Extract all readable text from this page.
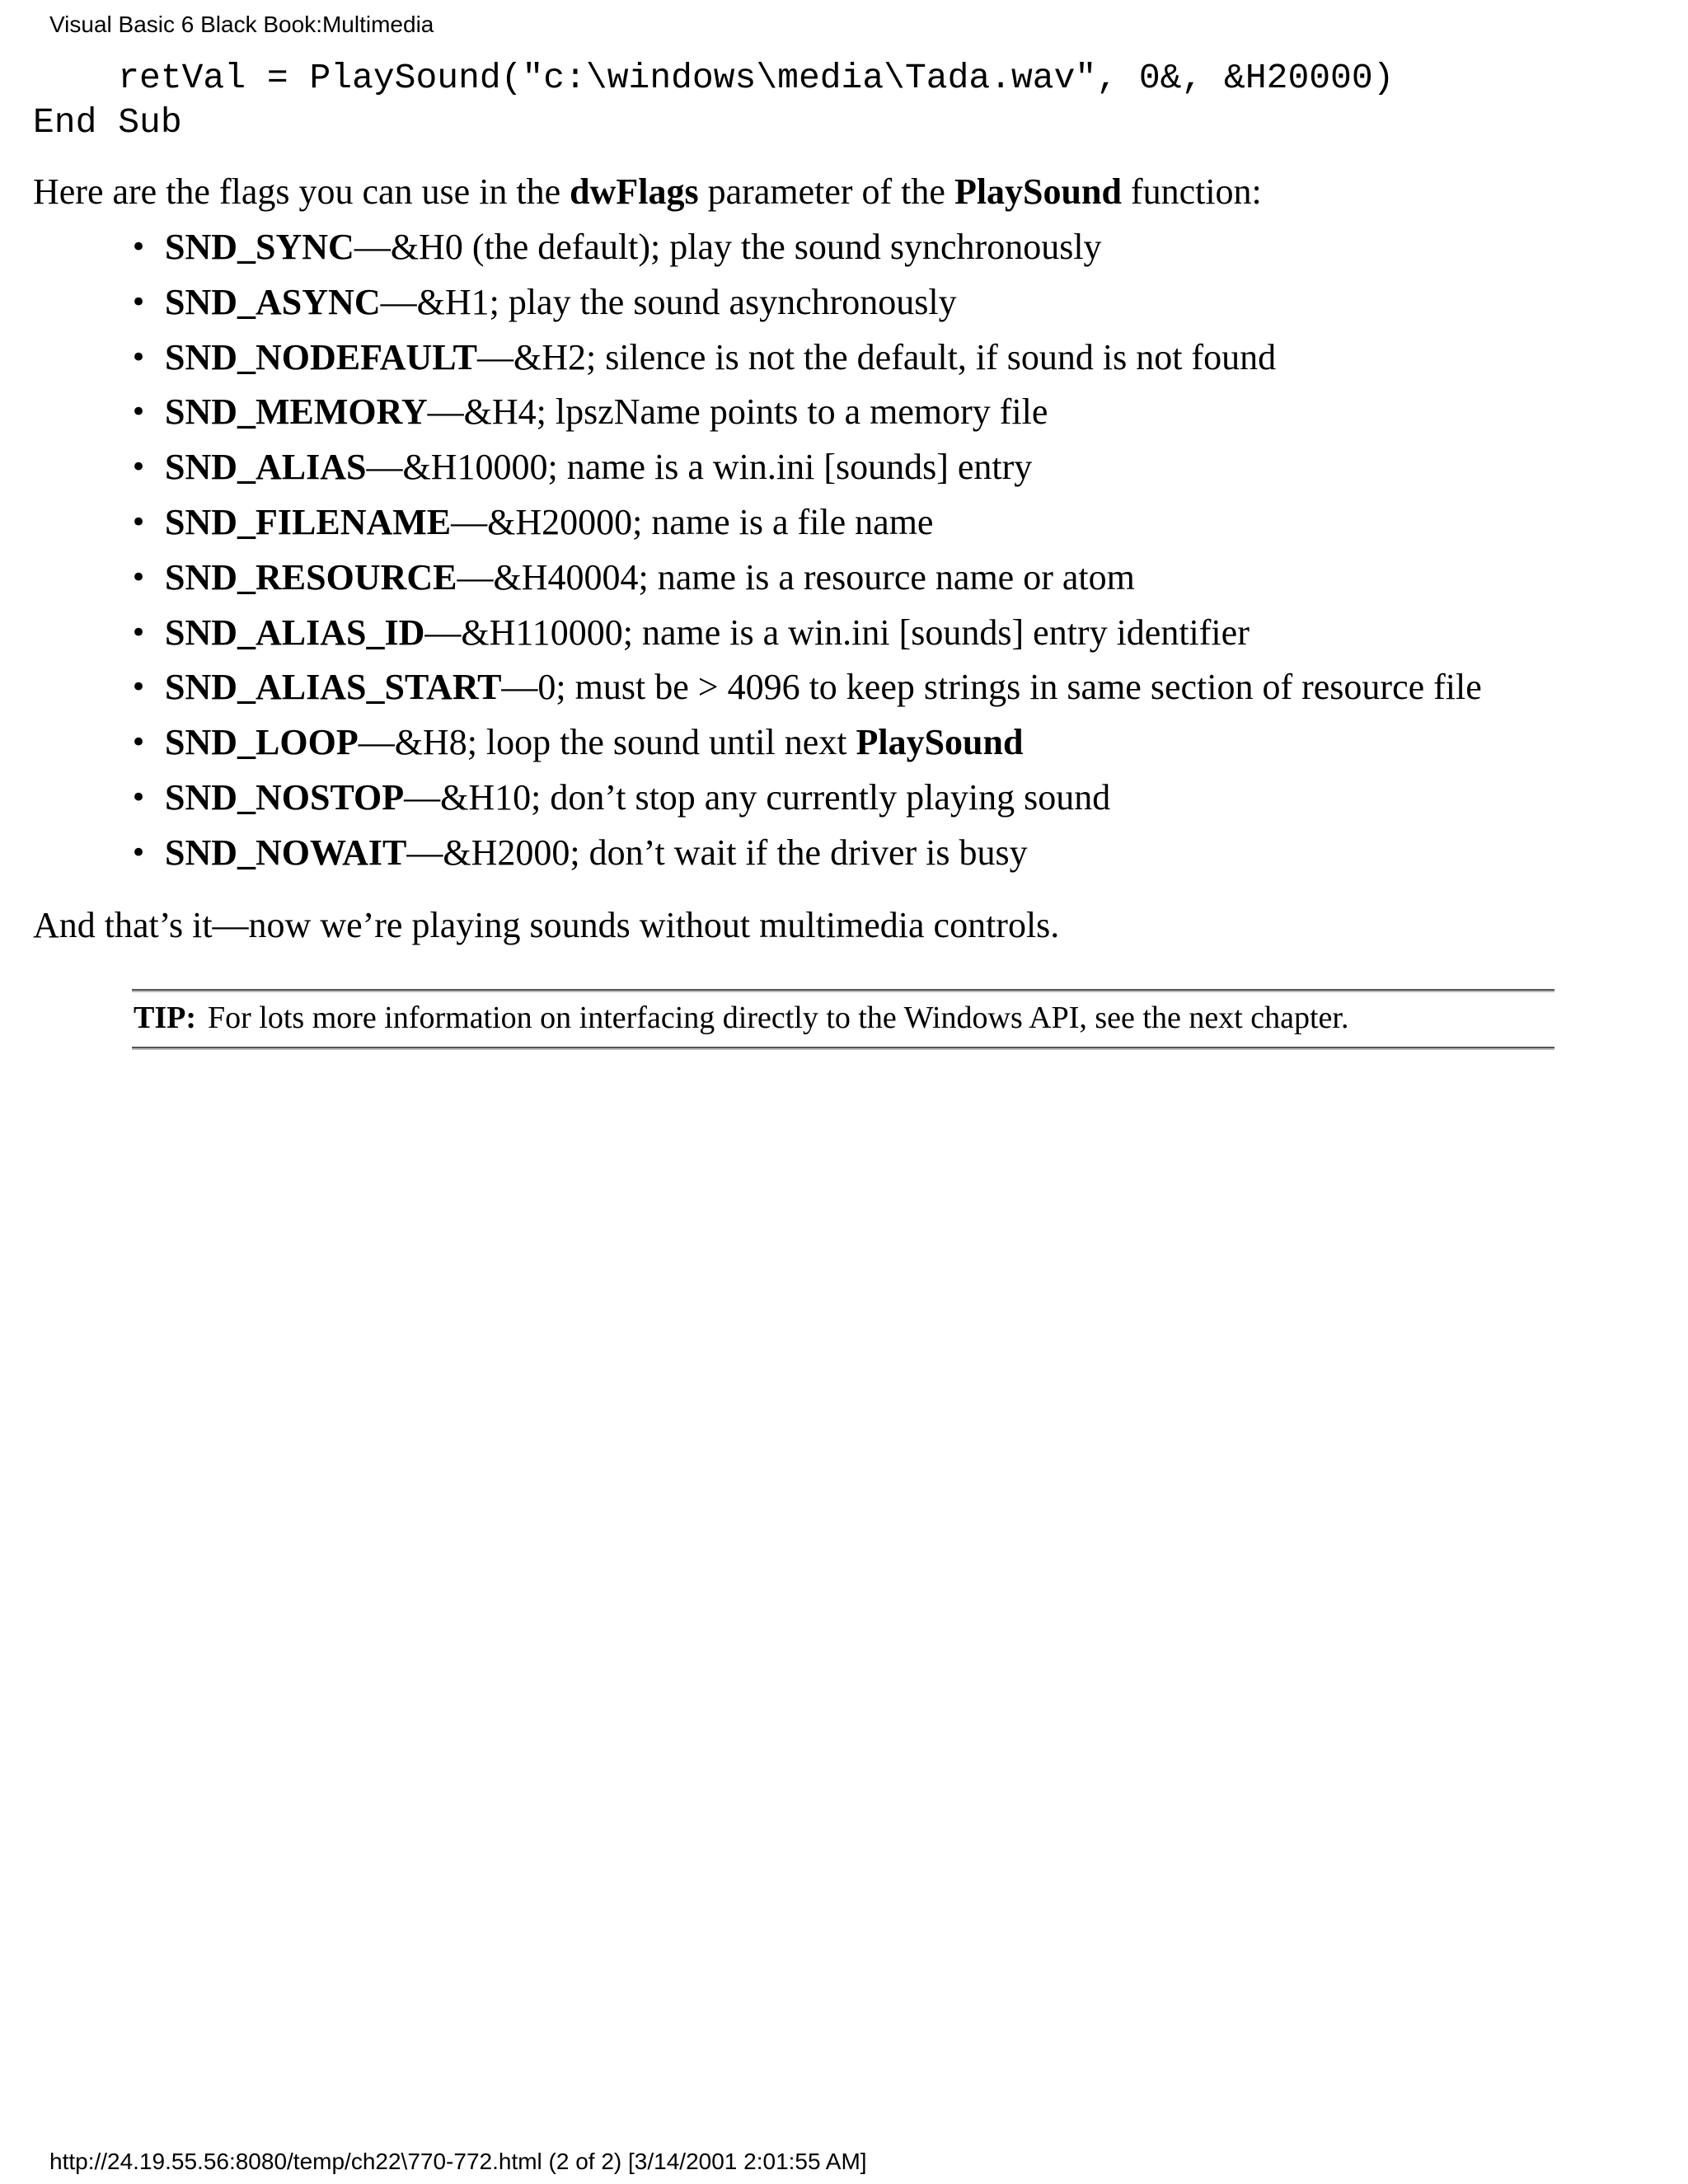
Visual Basic 6 Black Book:Multimedia
retVal = PlaySound("c:\windows\media\Tada.wav", 0&, &H20000)
End Sub
Here are the flags you can use in the dwFlags parameter of the PlaySound function:
• SND_SYNC—&H0 (the default); play the sound synchronously
• SND_ASYNC—&H1; play the sound asynchronously
• SND_NODEFAULT—&H2; silence is not the default, if sound is not found
• SND_MEMORY—&H4; lpszName points to a memory file
• SND_ALIAS—&H10000; name is a win.ini [sounds] entry
• SND_FILENAME—&H20000; name is a file name
• SND_RESOURCE—&H40004; name is a resource name or atom
• SND_ALIAS_ID—&H110000; name is a win.ini [sounds] entry identifier
• SND_ALIAS_START—0; must be > 4096 to keep strings in same section of resource file
• SND_LOOP—&H8; loop the sound until next PlaySound
• SND_NOSTOP—&H10; don’t stop any currently playing sound
• SND_NOWAIT—&H2000; don’t wait if the driver is busy
And that’s it—now we’re playing sounds without multimedia controls.
TIP: For lots more information on interfacing directly to the Windows API, see the next chapter.
http://24.19.55.56:8080/temp/ch22\770-772.html (2 of 2) [3/14/2001 2:01:55 AM]
